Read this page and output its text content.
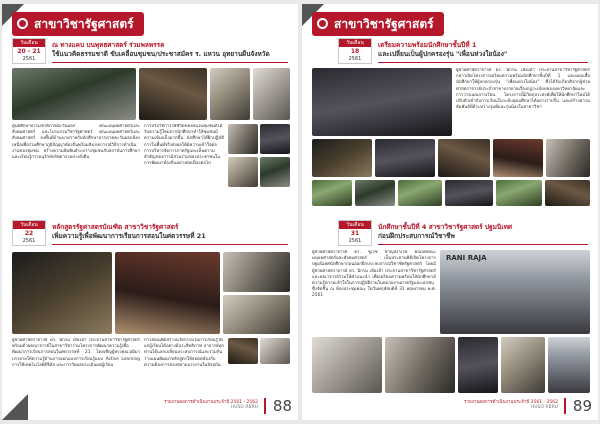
สาขาวิชารัฐศาสตร์
วันเดือน
20 - 21
2561
ณ ทางแคบ บนพุทธศาสตร์ ร่วมพลพรรค
ใช้แนวคิดธรรมชาติ ขับเคลื่อนชุมชน/ประชาสมัคร ร. แหวน อุทยานผืนจังหวัด
ศูนย์ศึกษาธรรมชาติภาคตะวันออก คณะมนุษยศาสตร์และสังคมศาสตร์ และโปรแกรมวิชารัฐศาสตร์ คณะมนุษยศาสตร์และสังคมศาสตร์ ลงพื้นที่บ้านนาทรายกับนักศึกษาจากภาคตะวันออกฉียงเหนือเพื่อร่วมศึกษาภูมิปัญญาท้องถิ่นพร้อมสังเกตการณ์วิธีการดำเนินงานของชุมชน สร้างความสัมพันธ์ระหว่างชุมชนกับสถาบันการศึกษา และเรียนรู้การอนุรักษ์ทรัพยากรอย่างยั่งยืน
การปรับวิธีการใช้ชีวิตของคนในชุมชนที่ได้รับความรู้ใหม่จากนักศึกษาทำให้ชุมชนมีความเข้มแข็งมากขึ้น นักศึกษาได้ฝึกปฏิบัติการในพื้นที่จริงส่งผลให้มีความเข้าใจต่อการบริหารจัดการภาครัฐและเห็นความสำคัญของการมีส่วนร่วมของประชาชนในการพัฒนาท้องถิ่นอย่างต่อเนื่องต่อไป
วันเดือน
22
2561
หลักสูตรรัฐศาสตรบัณฑิต สาขาวิชารัฐศาสตร์
เพิ่มความรู้เพื่อพัฒนาการเรียนการสอนในศตวรรษที่ 21
ผู้ช่วยศาสตราจารย์ ดร. นิกรม เลียงอ่ำ ประธานสาขาวิชารัฐศาสตร์ พร้อมด้วยคณาจารย์ในสาขาวิชาร่วมโครงการพัฒนาความรู้เพื่อพัฒนาการเรียนการสอนในศตวรรษที่ 21 โดยเชิญผู้ทรงคุณวุฒิมาบรรยายให้ความรู้ด้านการออกแบบการเรียนรู้แบบ Active Learning การใช้เทคโนโลยีดิจิทัล และการวัดผลประเมินผลผู้เรียน
การสอนเพื่อสร้างนวัตกรรมในการเรียนรู้ให้แก่ผู้เรียนได้อย่างมีประสิทธิภาพ อาจารย์ทุกท่านได้แลกเปลี่ยนประสบการณ์และร่วมกันวางแผนพัฒนาหลักสูตรให้สอดคล้องกับความต้องการของตลาดแรงงานในปัจจุบัน
รายงานผลการดำเนินงานประจำปี 2561 - 2562
HUSO RBRU 88
สาขาวิชารัฐศาสตร์
วันเดือน
18
2561
เตรียมความพร้อมนักศึกษาชั้นปีที่ 1
และเปลี่ยนเป็นผู้ปกครองรุ่น "เพื่อนห่วงใยน้อง"
ผู้ช่วยศาสตราจารย์ ดร. นิกรม เลียงอ่ำ ประธานสาขาวิชารัฐศาสตร์ กล่าวเปิดโครงการเตรียมความพร้อมนักศึกษาชั้นปีที่ 1 และมอบเสื้อนักศึกษาให้ผู้ปกครองรุ่น "เพื่อนห่วงใยน้อง" ซึ่งได้รับเกียรติจากผู้ช่วยศาสตราจารย์ประจำสาขาบรรยายเรื่องกฎระเบียบของมหาวิทยาลัยและการวางแผนการเรียน โครงการนี้มีวัตถุประสงค์เพื่อให้นักศึกษาใหม่ได้ปรับตัวเข้ากับการเรียนในระดับอุดมศึกษาได้อย่างราบรื่น และสร้างความสัมพันธ์ที่ดีระหว่างรุ่นพี่และรุ่นน้องในสาขาวิชา
วันเดือน
31
2561
นักศึกษาชั้นปีที่ 4 สาขาวิชารัฐศาสตร์ ปฐมนิเทศ
ก่อนฝึกประสบการณ์วิชาชีพ
ผู้ช่วยศาสตราจารย์ ดร. ชูเวช ชาญสง่าเวช คณบดีคณะมนุษยศาสตร์และสังคมศาสตร์ เป็นประธานพิธีเปิดโครงการปฐมนิเทศนักศึกษาก่อนออกฝึกประสบการณ์วิชาชีพรัฐศาสตร์ โดยมีผู้ช่วยศาสตราจารย์ ดร. นิกรม เลียงอ่ำ ประธานสาขาวิชารัฐศาสตร์ และคณาจารย์ร่วมให้คำแนะนำ เพื่อเตรียมความพร้อมให้นักศึกษามีความรู้ความเข้าใจในการปฏิบัติงานในหน่วยงานภาครัฐและเอกชน ซึ่งจัดขึ้น ณ ห้องประชุมคณะ ในวันพฤหัสบดีที่ 31 พฤษภาคม พ.ศ. 2561
RANI RAJA
รายงานผลการดำเนินงานประจำปี 2561 - 2562
HUSO RBRU 89
